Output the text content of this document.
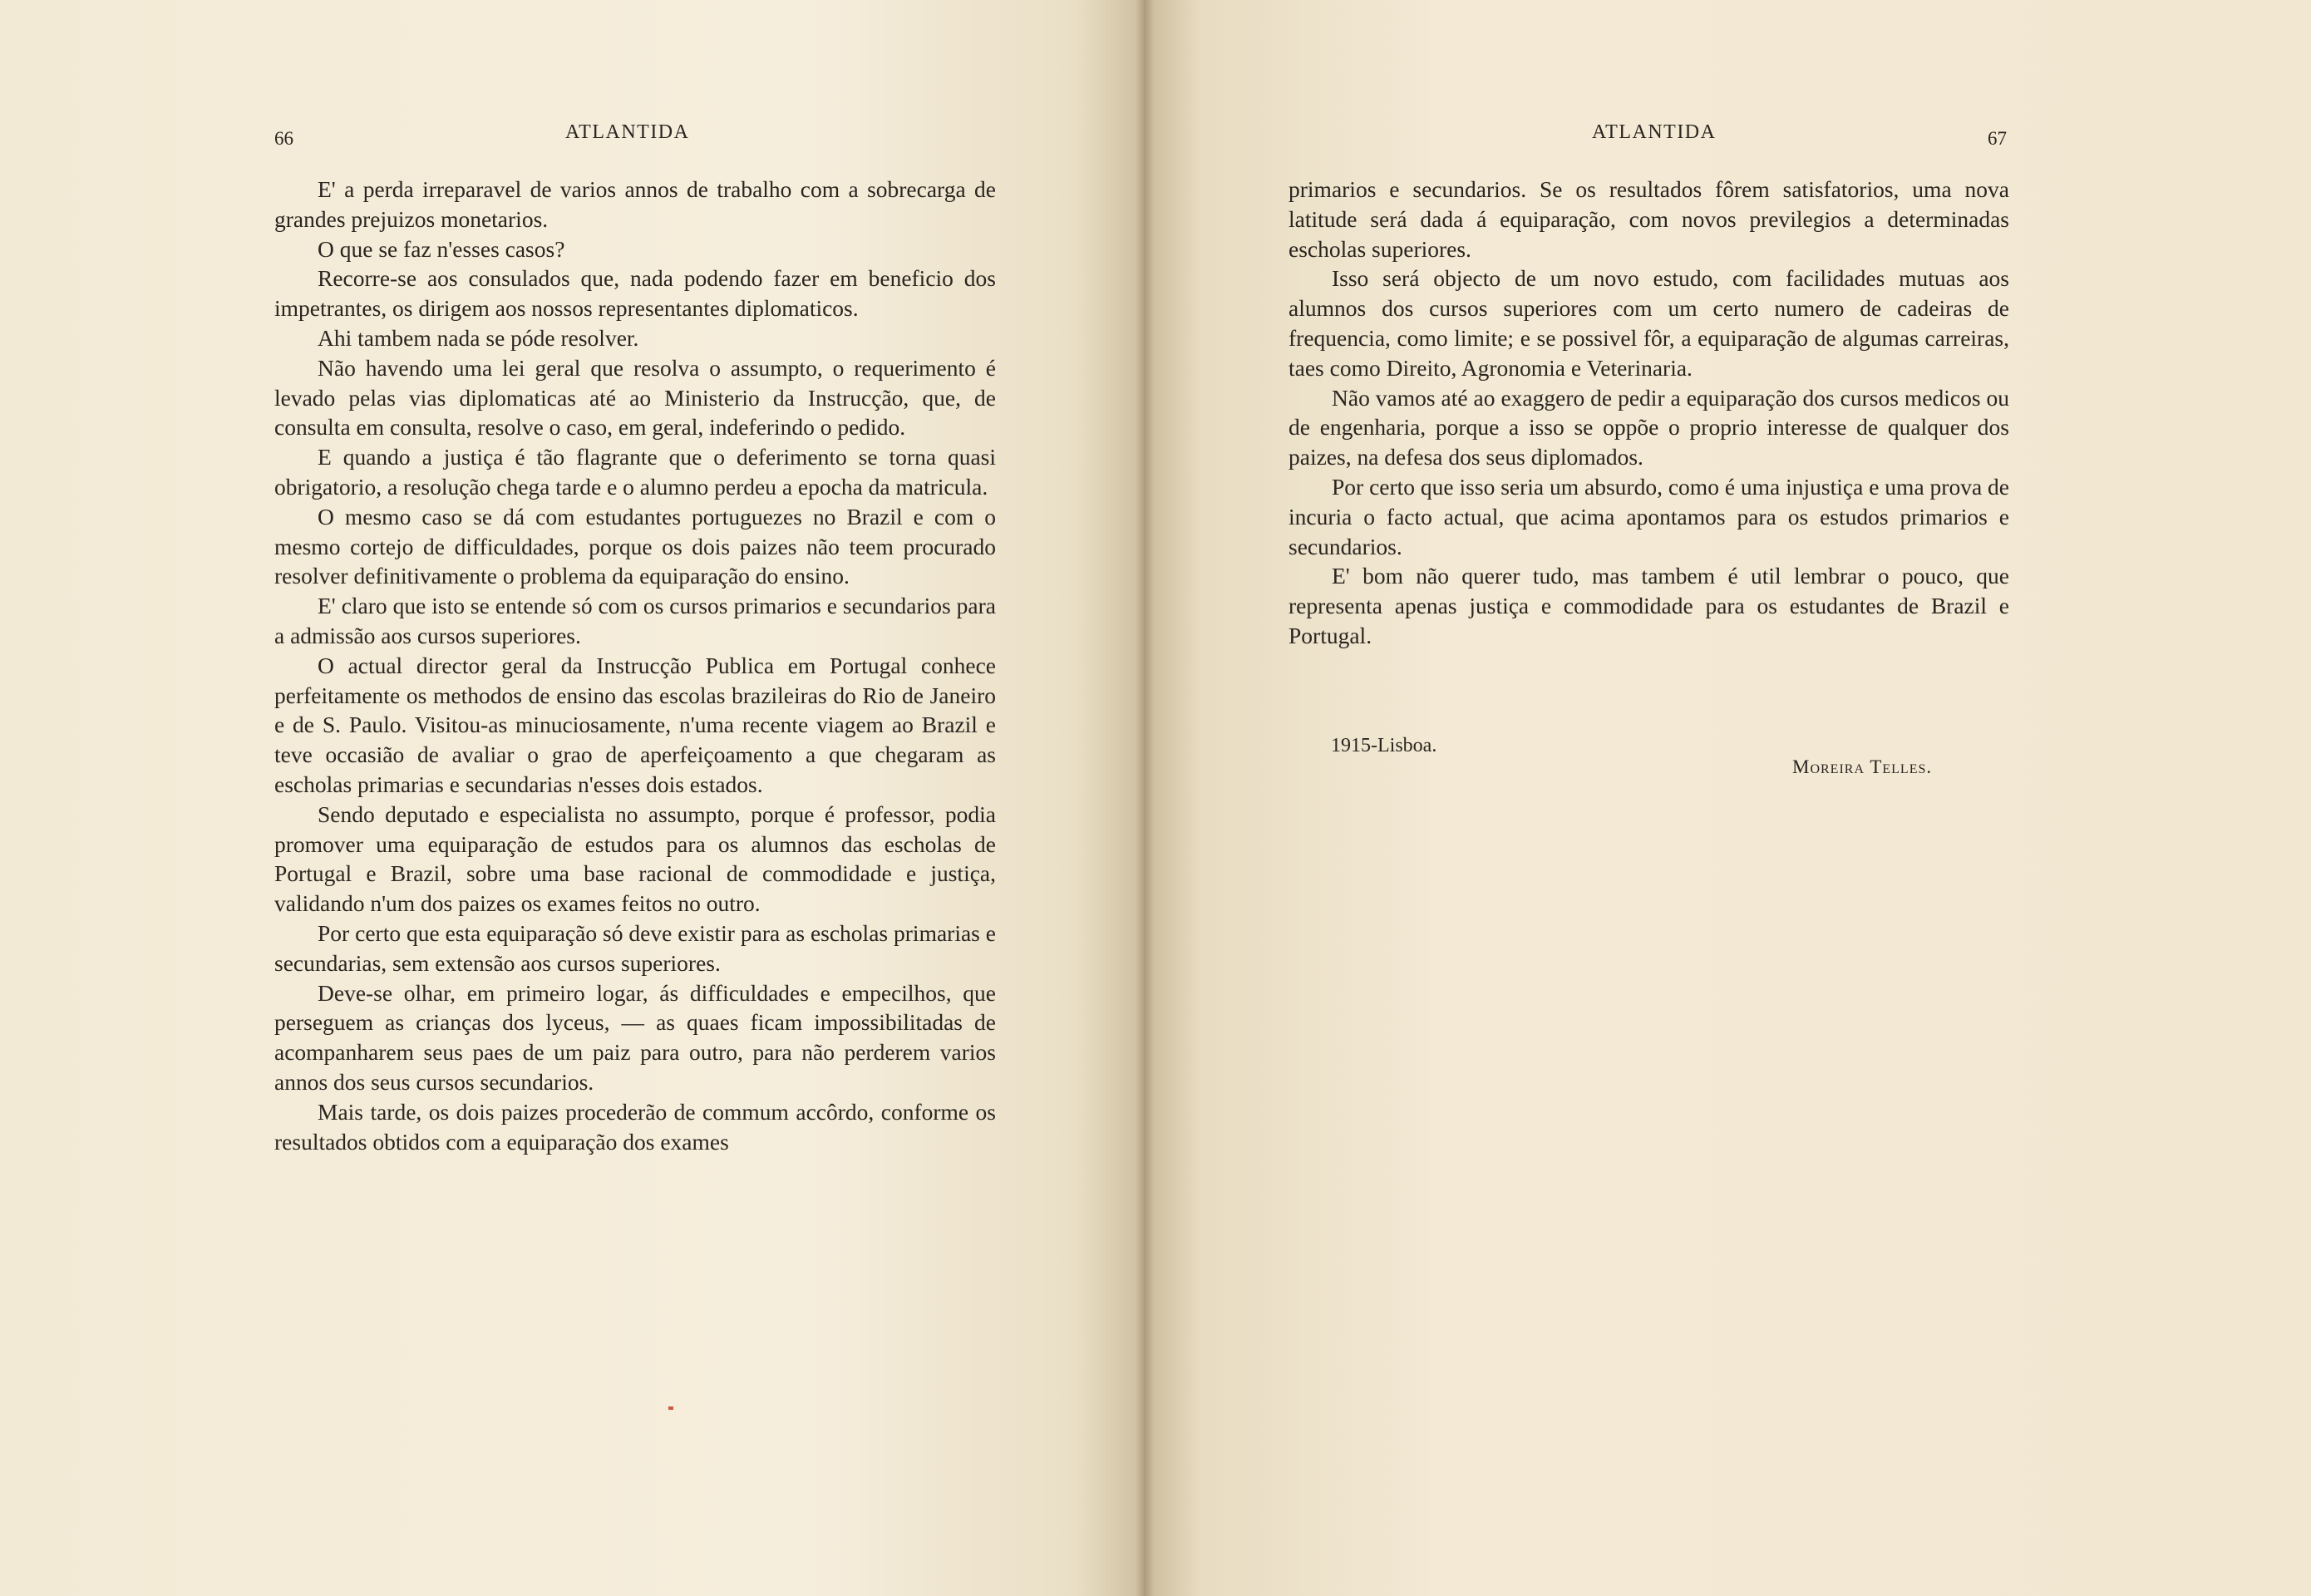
66	ATLANTIDA

E' a perda irreparavel de varios annos de trabalho com a sobrecarga de grandes prejuizos monetarios.

O que se faz n'esses casos?

Recorre-se aos consulados que, nada podendo fazer em beneficio dos impetrantes, os dirigem aos nossos representantes diplomaticos.

Ahi tambem nada se póde resolver.

Não havendo uma lei geral que resolva o assumpto, o requerimento é levado pelas vias diplomaticas até ao Ministerio da Instrucção, que, de consulta em consulta, resolve o caso, em geral, indeferindo o pedido.

E quando a justiça é tão flagrante que o deferimento se torna quasi obrigatorio, a resolução chega tarde e o alumno perdeu a epocha da matricula.

O mesmo caso se dá com estudantes portuguezes no Brazil e com o mesmo cortejo de difficuldades, porque os dois paizes não teem procurado resolver definitivamente o problema da equiparação do ensino.

E' claro que isto se entende só com os cursos primarios e secundarios para a admissão aos cursos superiores.

O actual director geral da Instrucção Publica em Portugal conhece perfeitamente os methodos de ensino das escolas brazileiras do Rio de Janeiro e de S. Paulo. Visitou-as minuciosamente, n'uma recente viagem ao Brazil e teve occasião de avaliar o grao de aperfeiçoamento a que chegaram as escholas primarias e secundarias n'esses dois estados.

Sendo deputado e especialista no assumpto, porque é professor, podia promover uma equiparação de estudos para os alumnos das escholas de Portugal e Brazil, sobre uma base racional de commodidade e justiça, validando n'um dos paizes os exames feitos no outro.

Por certo que esta equiparação só deve existir para as escholas primarias e secundarias, sem extensão aos cursos superiores.

Deve-se olhar, em primeiro logar, ás difficuldades e empecilhos, que perseguem as crianças dos lyceus, — as quaes ficam impossibilitadas de acompanharem seus paes de um paiz para outro, para não perderem varios annos dos seus cursos secundarios.

Mais tarde, os dois paizes procederão de commum accôrdo, conforme os resultados obtidos com a equiparação dos exames

ATLANTIDA	67

primarios e secundarios. Se os resultados fôrem satisfatorios, uma nova latitude será dada á equiparação, com novos previlegios a determinadas escholas superiores.

Isso será objecto de um novo estudo, com facilidades mutuas aos alumnos dos cursos superiores com um certo numero de cadeiras de frequencia, como limite; e se possivel fôr, a equiparação de algumas carreiras, taes como Direito, Agronomia e Veterinaria.

Não vamos até ao exaggero de pedir a equiparação dos cursos medicos ou de engenharia, porque a isso se oppõe o proprio interesse de qualquer dos paizes, na defesa dos seus diplomados.

Por certo que isso seria um absurdo, como é uma injustiça e uma prova de incuria o facto actual, que acima apontamos para os estudos primarios e secundarios.

E' bom não querer tudo, mas tambem é util lembrar o pouco, que representa apenas justiça e commodidade para os estudantes de Brazil e Portugal.

1915-Lisboa.
Moreira Telles.
